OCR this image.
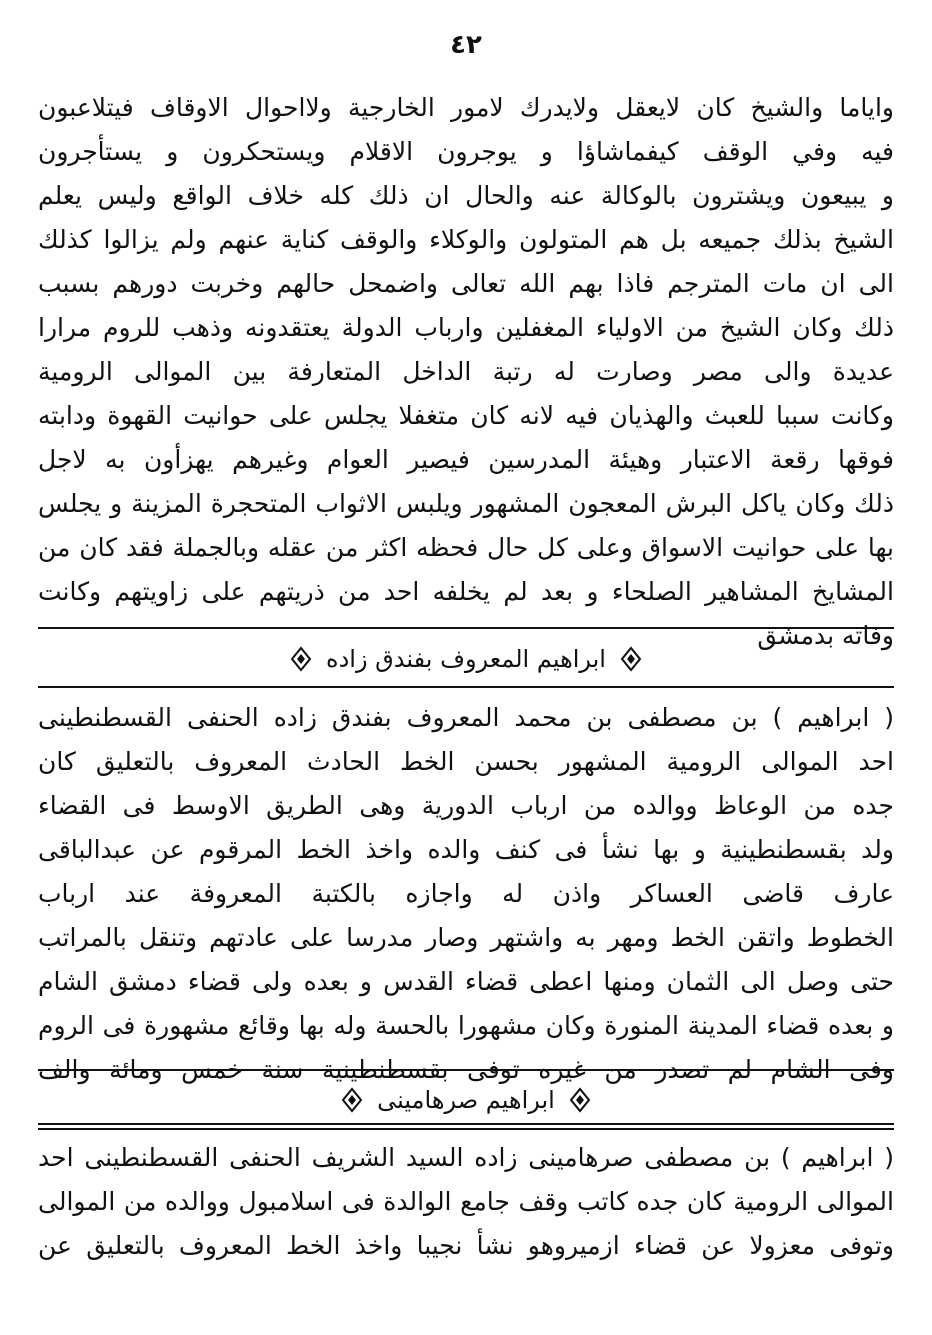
٤٢
واياما والشيخ كان لايعقل ولايدرك لامور الخارجية ولااحوال الاوقاف فيتلاعبون
فيه وفي الوقف كيفماشاؤا و يوجرون الاقلام ويستحكرون و يستأجرون
و يبيعون ويشترون بالوكالة عنه والحال ان ذلك كله خلاف الواقع وليس يعلم
الشيخ بذلك جميعه بل هم المتولون والوكلاء والوقف كناية عنهم ولم يزالوا كذلك
الى ان مات المترجم فاذا بهم الله تعالى واضمحل حالهم وخربت دورهم بسبب
ذلك وكان الشيخ من الاولياء المغفلين وارباب الدولة يعتقدونه وذهب للروم مرارا
عديدة والى مصر وصارت له رتبة الداخل المتعارفة بين الموالى الرومية
وكانت سببا للعبث والهذيان فيه لانه كان متغفلا يجلس على حوانيت القهوة ودابته
فوقها رقعة الاعتبار وهيئة المدرسين فيصير العوام وغيرهم يهزأون به لاجل
ذلك وكان ياكل البرش المعجون المشهور ويلبس الاثواب المتحجرة المزينة و يجلس
بها على حوانيت الاسواق وعلى كل حال فحظه اكثر من عقله وبالجملة فقد كان من
المشايخ المشاهير الصلحاء و بعد لم يخلفه احد من ذريتهم على زاويتهم وكانت
وفاته بدمشق
ابراهيم المعروف بفندق زاده
( ابراهيم ) بن مصطفى بن محمد المعروف بفندق زاده الحنفى القسطنطينى
احد الموالى الرومية المشهور بحسن الخط الحادث المعروف بالتعليق كان
جده من الوعاظ ووالده من ارباب الدورية وهى الطريق الاوسط فى القضاء
ولد بقسطنطينية و بها نشأ فى كنف والده واخذ الخط المرقوم عن عبدالباقى
عارف قاضى العساكر واذن له واجازه بالكتبة المعروفة عند ارباب
الخطوط واتقن الخط ومهر به واشتهر وصار مدرسا على عادتهم وتنقل بالمراتب
حتى وصل الى الثمان ومنها اعطى قضاء القدس و بعده ولى قضاء دمشق الشام
و بعده قضاء المدينة المنورة وكان مشهورا بالحسة وله بها وقائع مشهورة فى الروم
وفى الشام لم تصدر من غيره توفى بقسطنطينية سنة خمس ومائة والف
ابراهيم صرهامينى
( ابراهيم ) بن مصطفى صرهامينى زاده السيد الشريف الحنفى القسطنطينى احد
الموالى الرومية كان جده كاتب وقف جامع الوالدة فى اسلامبول ووالده من الموالى
وتوفى معزولا عن قضاء ازميروهو نشأ نجيبا واخذ الخط المعروف بالتعليق عن
